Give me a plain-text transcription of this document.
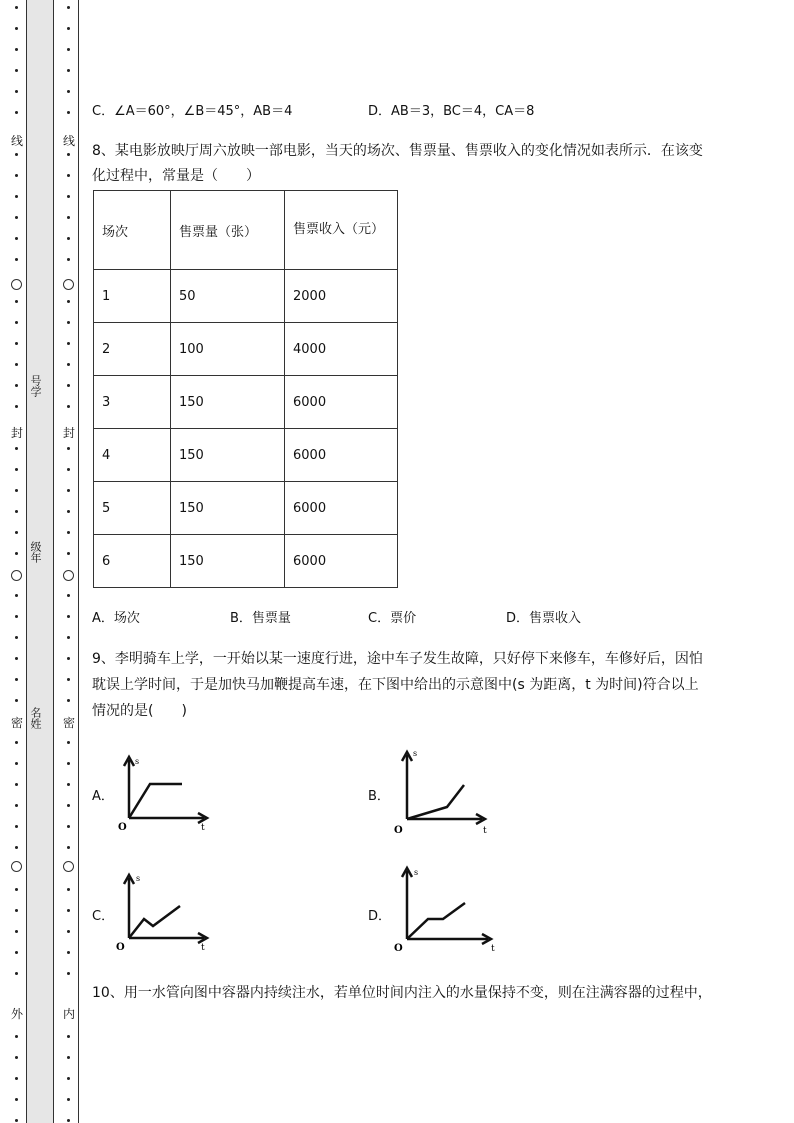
线	线
封	封
密	密
外	内
号学
级年
名姓
C．∠A＝60°，∠B＝45°，AB＝4	D．AB＝3，BC＝4，CA＝8
8、某电影放映厅周六放映一部电影，当天的场次、售票量、售票收入的变化情况如表所示．在该变
化过程中，常量是（　　）
场次	售票量（张）	售票收入（元）
1	50	2000
2	100	4000
3	150	6000
4	150	6000
5	150	6000
6	150	6000
A．场次	B．售票量	C．票价	D．售票收入
9、李明骑车上学，一开始以某一速度行进，途中车子发生故障，只好停下来修车，车修好后，因怕
耽误上学时间，于是加快马加鞭提高车速，在下图中给出的示意图中(s 为距离，t 为时间)符合以上
情况的是(　　)
A．	B．
C．	D．
s
t
O
s
t
O
s
t
O
s
t
O
10、用一水管向图中容器内持续注水，若单位时间内注入的水量保持不变，则在注满容器的过程中，
